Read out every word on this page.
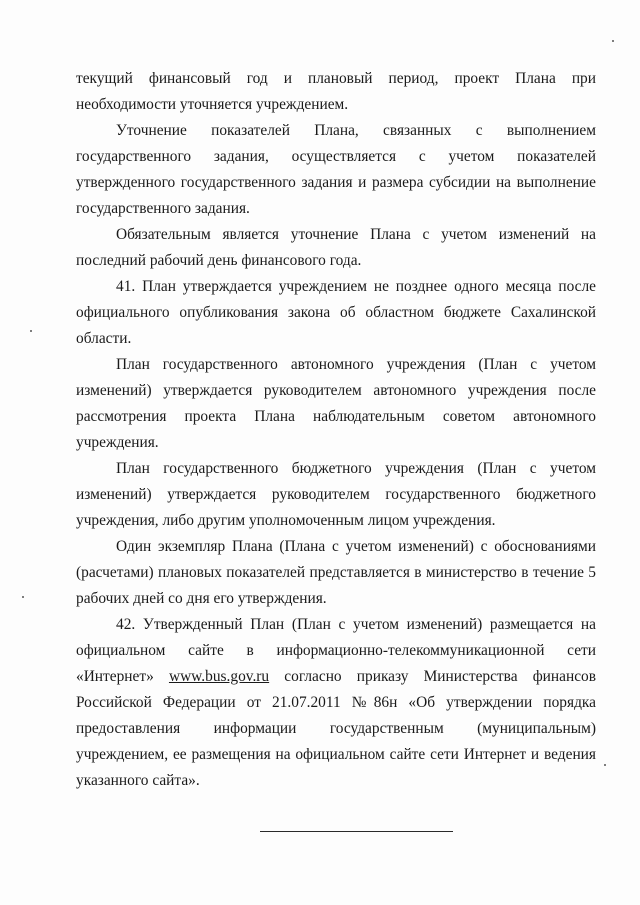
текущий финансовый год и плановый период, проект Плана при необходимости уточняется учреждением.

Уточнение показателей Плана, связанных с выполнением государственного задания, осуществляется с учетом показателей утвержденного государственного задания и размера субсидии на выполнение государственного задания.

Обязательным является уточнение Плана с учетом изменений на последний рабочий день финансового года.

41. План утверждается учреждением не позднее одного месяца после официального опубликования закона об областном бюджете Сахалинской области.

План государственного автономного учреждения (План с учетом изменений) утверждается руководителем автономного учреждения после рассмотрения проекта Плана наблюдательным советом автономного учреждения.

План государственного бюджетного учреждения (План с учетом изменений) утверждается руководителем государственного бюджетного учреждения, либо другим уполномоченным лицом учреждения.

Один экземпляр Плана (Плана с учетом изменений) с обоснованиями (расчетами) плановых показателей представляется в министерство в течение 5 рабочих дней со дня его утверждения.

42. Утвержденный План (План с учетом изменений) размещается на официальном сайте в информационно-телекоммуникационной сети «Интернет» www.bus.gov.ru согласно приказу Министерства финансов Российской Федерации от 21.07.2011 №86н «Об утверждении порядка предоставления информации государственным (муниципальным) учреждением, ее размещения на официальном сайте сети Интернет и ведения указанного сайта».
